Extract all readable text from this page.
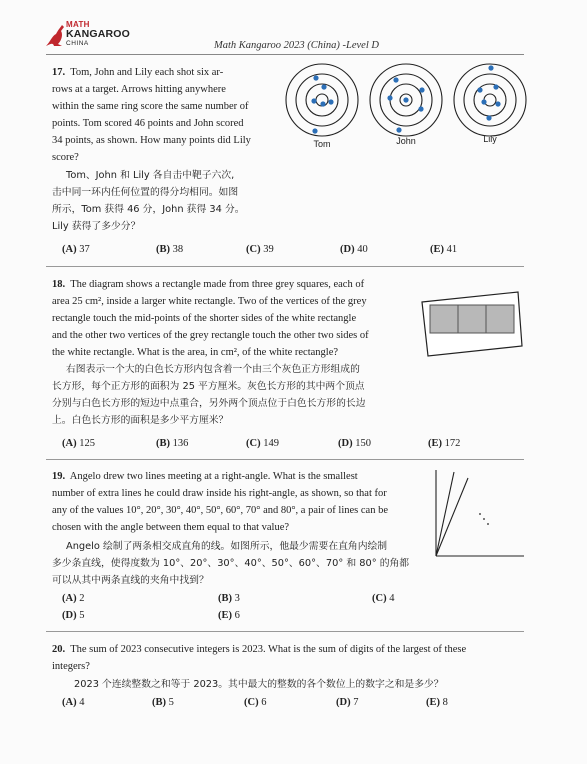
MATH
KANGAROO
CHINA	Math Kangaroo 2023 (China) -Level D
17. Tom, John and Lily each shot six ar-
rows at a target. Arrows hitting anywhere
within the same ring score the same number of
points. Tom scored 46 points and John scored
34 points, as shown. How many points did Lily
score?
Tom、John 和 Lily 各自击中靶子六次,
击中同一环内任何位置的得分均相同。如图
所示，Tom 获得 46 分，John 获得 34 分。
Lily 获得了多少分？
Tom	John	Lily
(A) 37	(B) 38	(C) 39	(D) 40	(E) 41
18. The diagram shows a rectangle made from three grey squares, each of
area 25 cm², inside a larger white rectangle. Two of the vertices of the grey
rectangle touch the mid-points of the shorter sides of the white rectangle
and the other two vertices of the grey rectangle touch the other two sides of
the white rectangle. What is the area, in cm², of the white rectangle?
右图表示一个大的白色长方形内包含着一个由三个灰色正方形组成的
长方形，每个正方形的面积为 25 平方厘米。灰色长方形的其中两个顶点
分别与白色长方形的短边中点重合，另外两个顶点位于白色长方形的长边
上。白色长方形的面积是多少平方厘米？
(A) 125	(B) 136	(C) 149	(D) 150	(E) 172
19. Angelo drew two lines meeting at a right-angle. What is the smallest
number of extra lines he could draw inside his right-angle, as shown, so that for
any of the values 10°, 20°, 30°, 40°, 50°, 60°, 70° and 80°, a pair of lines can be
chosen with the angle between them equal to that value?
Angelo 绘制了两条相交成直角的线。如图所示，他最少需要在直角内绘制
多少条直线，使得度数为 10°、20°、30°、40°、50°、60°、70° 和 80° 的角都
可以从其中两条直线的夹角中找到？
(A) 2	(B) 3	(C) 4
(D) 5	(E) 6
20. The sum of 2023 consecutive integers is 2023. What is the sum of digits of the largest of these
integers?
2023 个连续整数之和等于 2023。其中最大的整数的各个数位上的数字之和是多少？
(A) 4	(B) 5	(C) 6	(D) 7	(E) 8
